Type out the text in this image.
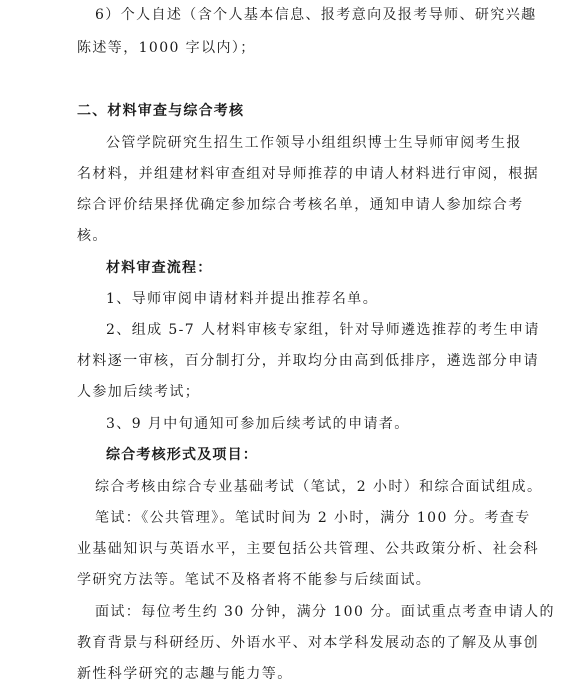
6）个人自述（含个人基本信息、报考意向及报考导师、研究兴趣
陈述等，1000 字以内）；
二、材料审查与综合考核
公管学院研究生招生工作领导小组组织博士生导师审阅考生报
名材料，并组建材料审查组对导师推荐的申请人材料进行审阅，根据
综合评价结果择优确定参加综合考核名单，通知申请人参加综合考
核。
材料审查流程：
1、导师审阅申请材料并提出推荐名单。
2、组成 5-7 人材料审核专家组，针对导师遴选推荐的考生申请
材料逐一审核，百分制打分，并取均分由高到低排序，遴选部分申请
人参加后续考试；
3、9 月中旬通知可参加后续考试的申请者。
综合考核形式及项目：
综合考核由综合专业基础考试（笔试，2 小时）和综合面试组成。
笔试：《公共管理》。笔试时间为 2 小时，满分 100 分。考查专
业基础知识与英语水平，主要包括公共管理、公共政策分析、社会科
学研究方法等。笔试不及格者将不能参与后续面试。
面试：每位考生约 30 分钟，满分 100 分。面试重点考查申请人的
教育背景与科研经历、外语水平、对本学科发展动态的了解及从事创
新性科学研究的志趣与能力等。
